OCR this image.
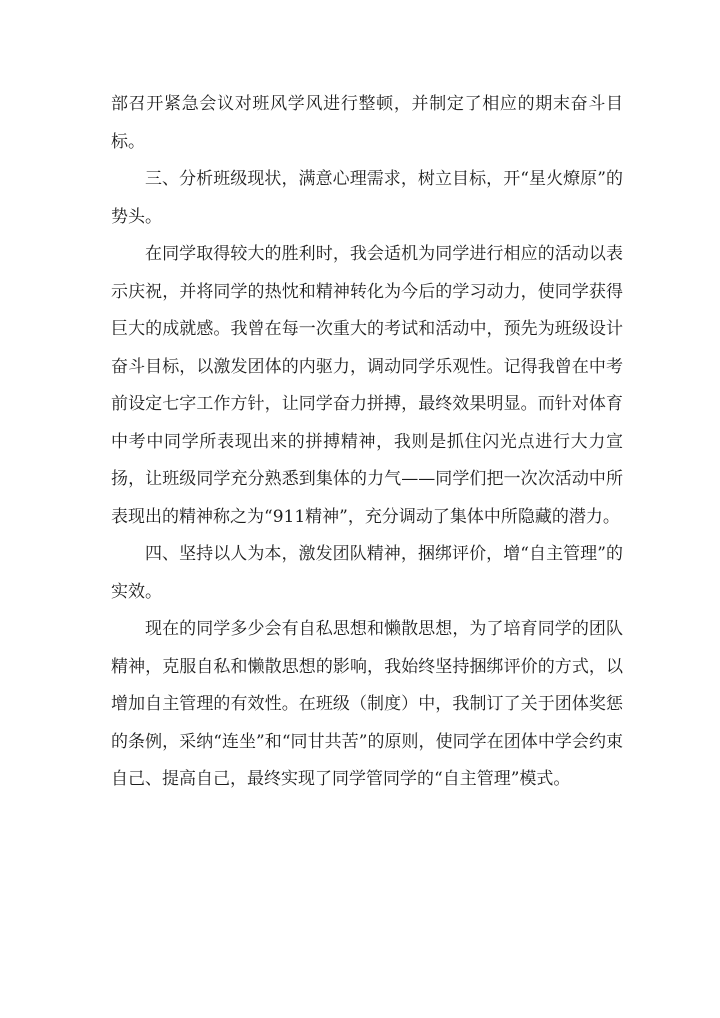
部召开紧急会议对班风学风进行整顿，并制定了相应的期末奋斗目标。

三、分析班级现状，满意心理需求，树立目标，开“星火燎原”的势头。

在同学取得较大的胜利时，我会适机为同学进行相应的活动以表示庆祝，并将同学的热忱和精神转化为今后的学习动力，使同学获得巨大的成就感。我曾在每一次重大的考试和活动中，预先为班级设计奋斗目标，以激发团体的内驱力，调动同学乐观性。记得我曾在中考前设定七字工作方针，让同学奋力拼搏，最终效果明显。而针对体育中考中同学所表现出来的拼搏精神，我则是抓住闪光点进行大力宣扬，让班级同学充分熟悉到集体的力气——同学们把一次次活动中所表现出的精神称之为“911精神”，充分调动了集体中所隐藏的潜力。

四、坚持以人为本，激发团队精神，捆绑评价，增“自主管理”的实效。

现在的同学多少会有自私思想和懒散思想，为了培育同学的团队精神，克服自私和懒散思想的影响，我始终坚持捆绑评价的方式，以增加自主管理的有效性。在班级（制度）中，我制订了关于团体奖惩的条例，采纳“连坐”和“同甘共苦”的原则，使同学在团体中学会约束自己、提高自己，最终实现了同学管同学的“自主管理”模式。
